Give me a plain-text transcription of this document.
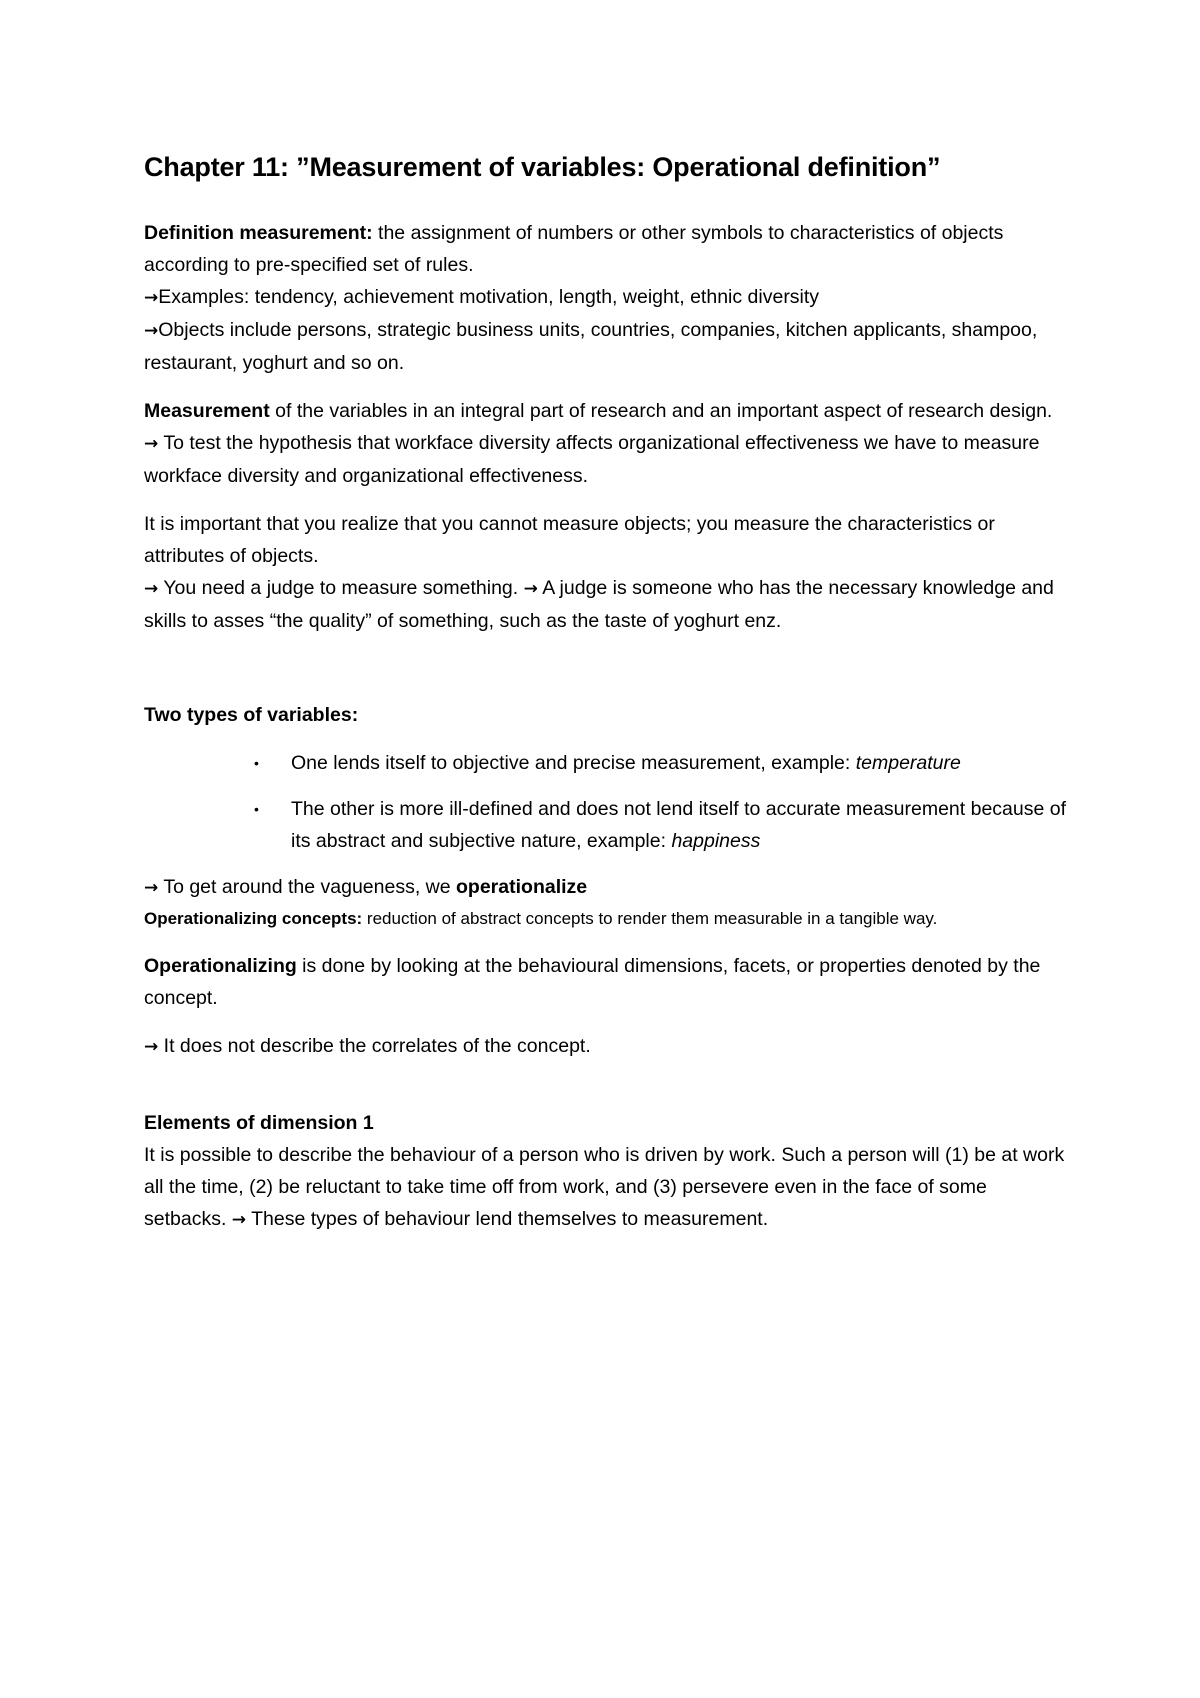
Chapter 11: ”Measurement of variables: Operational definition”

Definition measurement: the assignment of numbers or other symbols to characteristics of objects according to pre-specified set of rules.

→Examples: tendency, achievement motivation, length, weight, ethnic diversity

→Objects include persons, strategic business units, countries, companies, kitchen applicants, shampoo, restaurant, yoghurt and so on.

Measurement of the variables in an integral part of research and an important aspect of research design.

→ To test the hypothesis that workface diversity affects organizational effectiveness we have to measure workface diversity and organizational effectiveness.

It is important that you realize that you cannot measure objects; you measure the characteristics or attributes of objects.

→ You need a judge to measure something. → A judge is someone who has the necessary knowledge and skills to asses “the quality” of something, such as the taste of yoghurt enz.

Two types of variables:

• One lends itself to objective and precise measurement, example: temperature
• The other is more ill-defined and does not lend itself to accurate measurement because of its abstract and subjective nature, example: happiness

→ To get around the vagueness, we operationalize

Operationalizing concepts: reduction of abstract concepts to render them measurable in a tangible way.

Operationalizing is done by looking at the behavioural dimensions, facets, or properties denoted by the concept.

→ It does not describe the correlates of the concept.

Elements of dimension 1

It is possible to describe the behaviour of a person who is driven by work. Such a person will (1) be at work all the time, (2) be reluctant to take time off from work, and (3) persevere even in the face of some setbacks. → These types of behaviour lend themselves to measurement.
